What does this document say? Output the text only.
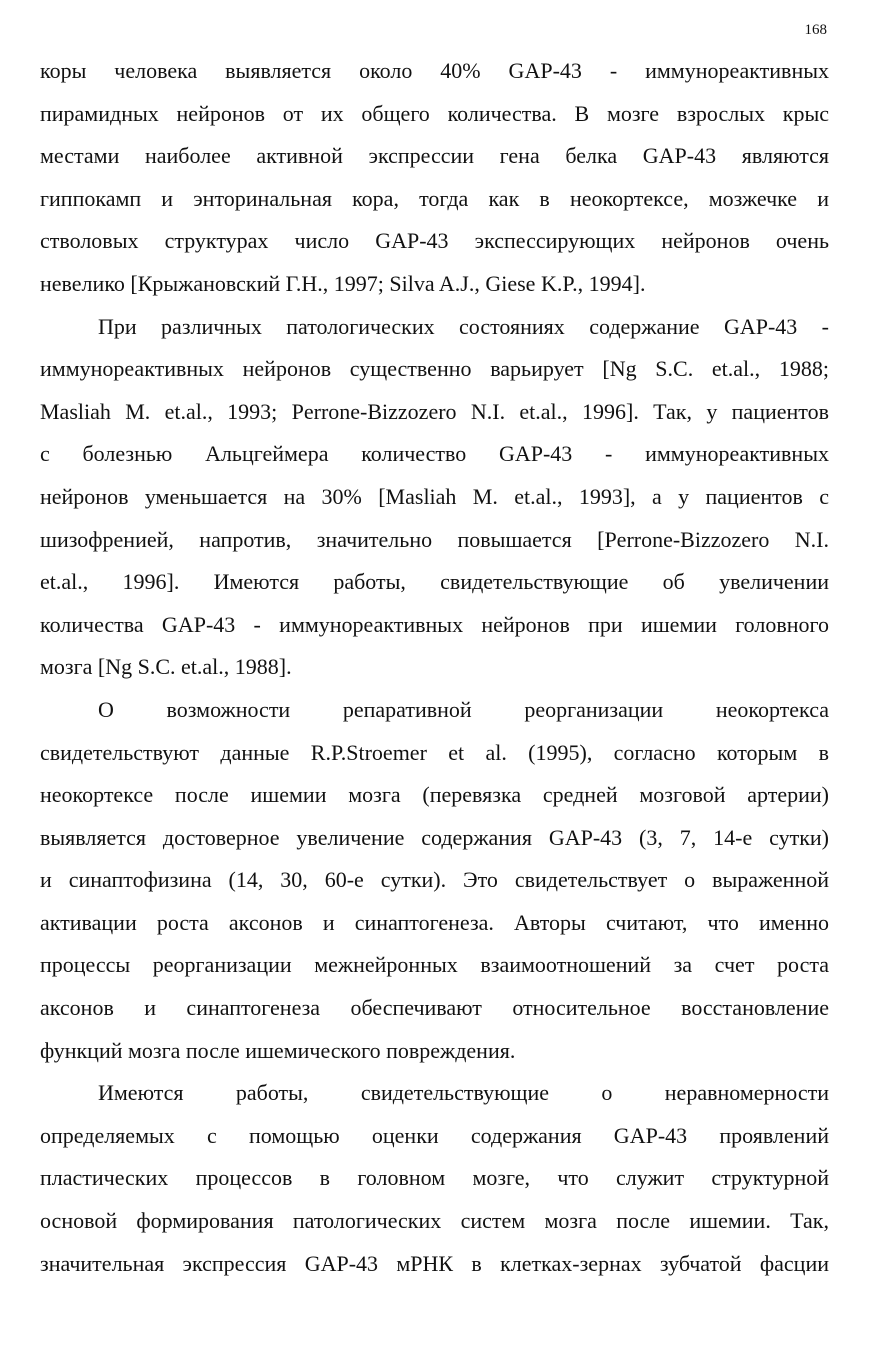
168

коры человека выявляется около 40% GAP-43 - иммунореактивных
пирамидных нейронов от их общего количества. В мозге взрослых крыс
местами наиболее активной экспрессии гена белка GAP-43 являются
гиппокамп и энторинальная кора, тогда как в неокортексе, мозжечке и
стволовых структурах число GAP-43 экспессирующих нейронов очень
невелико [Крыжановский Г.Н., 1997; Silva A.J., Giese K.P., 1994].

При различных патологических состояниях содержание GAP-43 -
иммунореактивных нейронов существенно варьирует [Ng S.C. et.al., 1988;
Masliah M. et.al., 1993; Perrone-Bizzozero N.I. et.al., 1996]. Так, у пациентов
с болезнью Альцгеймера количество GAP-43 - иммунореактивных
нейронов уменьшается на 30% [Masliah M. et.al., 1993], а у пациентов с
шизофренией, напротив, значительно повышается [Perrone-Bizzozero N.I.
et.al., 1996]. Имеются работы, свидетельствующие об увеличении
количества GAP-43 - иммунореактивных нейронов при ишемии головного
мозга [Ng S.C. et.al., 1988].

О возможности репаративной реорганизации неокортекса
свидетельствуют данные R.P.Stroemer et al. (1995), согласно которым в
неокортексе после ишемии мозга (перевязка средней мозговой артерии)
выявляется достоверное увеличение содержания GAP-43 (3, 7, 14-е сутки)
и синаптофизина (14, 30, 60-е сутки). Это свидетельствует о выраженной
активации роста аксонов и синаптогенеза. Авторы считают, что именно
процессы реорганизации межнейронных взаимоотношений за счет роста
аксонов и синаптогенеза обеспечивают относительное восстановление
функций мозга после ишемического повреждения.

Имеются работы, свидетельствующие о неравномерности
определяемых с помощью оценки содержания GAP-43 проявлений
пластических процессов в головном мозге, что служит структурной
основой формирования патологических систем мозга после ишемии. Так,
значительная экспрессия GAP-43 мРНК в клетках-зернах зубчатой фасции
